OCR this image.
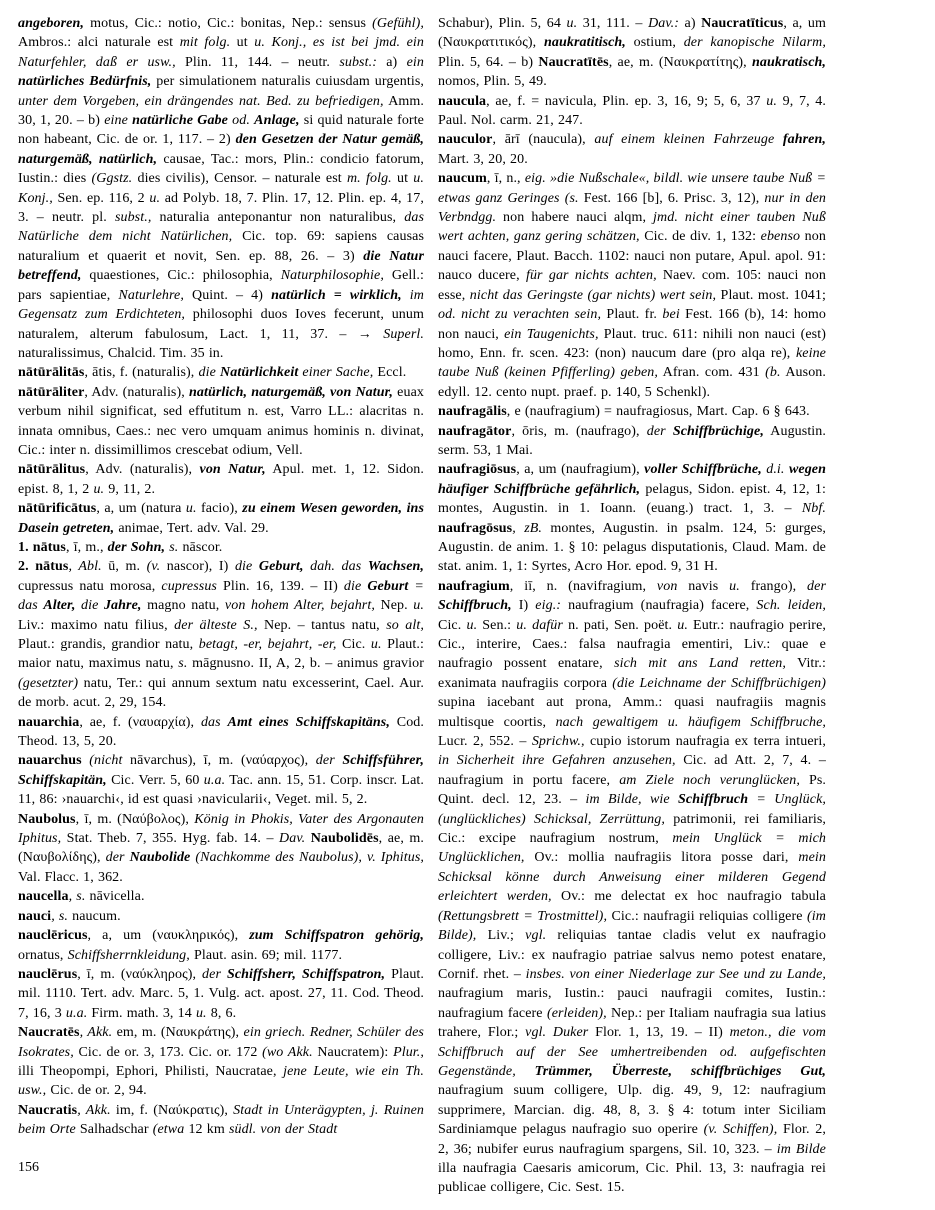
angeboren, motus, Cic.: notio, Cic.: bonitas, Nep.: sensus (Gefühl), Ambros.: alci naturale est mit folg. ut u. Konj., es ist bei jmd. ein Naturfehler, daß er usw., Plin. 11, 144. – neutr. subst.: a) ein natürliches Bedürfnis, per simulationem naturalis cuiusdam urgentis, unter dem Vorgeben, ein drängendes nat. Bed. zu befriedigen, Amm. 30, 1, 20. – b) eine natürliche Gabe od. Anlage, si quid naturale forte non habeant, Cic. de or. 1, 117. – 2) den Gesetzen der Natur gemäß, naturgemäß, natürlich, causae, Tac.: mors, Plin.: condicio fatorum, Iustin.: dies (Ggstz. dies civilis), Censor. – naturale est m. folg. ut u. Konj., Sen. ep. 116, 2 u. ad Polyb. 18, 7. Plin. 17, 12. Plin. ep. 4, 17, 3. – neutr. pl. subst., naturalia anteponantur non naturalibus, das Natürliche dem nicht Natürlichen, Cic. top. 69: sapiens causas naturalium et quaerit et novit, Sen. ep. 88, 26. – 3) die Natur betreffend, quaestiones, Cic.: philosophia, Naturphilosophie, Gell.: pars sapientiae, Naturlehre, Quint. – 4) natürlich = wirklich, im Gegensatz zum Erdichteten, philosophi duos Ioves fecerunt, unum naturalem, alterum fabulosum, Lact. 1, 11, 37. – → Superl. naturalissimus, Chalcid. Tim. 35 in.

nātūrālitās, ātis, f. (naturalis), die Natürlichkeit einer Sache, Eccl.

nātūrāliter, Adv. (naturalis), natürlich, naturgemäß, von Natur, euax verbum nihil significat, sed effutitum n. est, Varro LL.: alacritas n. innata omnibus, Caes.: nec vero umquam animus hominis n. divinat, Cic.: inter n. dissimillimos crescebat odium, Vell.

nātūrālitus, Adv. (naturalis), von Natur, Apul. met. 1, 12. Sidon. epist. 8, 1, 2 u. 9, 11, 2.

nātūrificātus, a, um (natura u. facio), zu einem Wesen geworden, ins Dasein getreten, animae, Tert. adv. Val. 29.

1. nātus, ī, m., der Sohn, s. nāscor.

2. nātus, Abl. ū, m. (v. nascor), I) die Geburt, dah. das Wachsen, cupressus natu morosa, cupressus Plin. 16, 139. – II) die Geburt = das Alter, die Jahre, magno natu, von hohem Alter, bejahrt, Nep. u. Liv.: maximo natu filius, der älteste S., Nep. – tantus natu, so alt, Plaut.: grandis, grandior natu, betagt, -er, bejahrt, -er, Cic. u. Plaut.: maior natu, maximus natu, s. māgnusno. II, A, 2, b. – animus gravior (gesetzter) natu, Ter.: qui annum sextum natu excesserint, Cael. Aur. de morb. acut. 2, 29, 154.

nauarchia, ae, f. (ναυαρχία), das Amt eines Schiffskapitäns, Cod. Theod. 13, 5, 20.

nauarchus (nicht nāvarchus), ī, m. (ναύαρχος), der Schiffsführer, Schiffskapitän, Cic. Verr. 5, 60 u.a. Tac. ann. 15, 51. Corp. inscr. Lat. 11, 86: ›nauarchi‹, id est quasi ›navicularii‹, Veget. mil. 5, 2.

Naubolus, ī, m. (Ναύβολος), König in Phokis, Vater des Argonauten Iphitus, Stat. Theb. 7, 355. Hyg. fab. 14. – Dav. Naubolidēs, ae, m. (Ναυβολίδης), der Naubolide (Nachkomme des Naubolus), v. Iphitus, Val. Flacc. 1, 362.

naucella, s. nāvicella.

nauci, s. naucum.

nauclēricus, a, um (ναυκληρικός), zum Schiffspatron gehörig, ornatus, Schiffsherrnkleidung, Plaut. asin. 69; mil. 1177.

nauclērus, ī, m. (ναύκληρος), der Schiffsherr, Schiffspatron, Plaut. mil. 1110. Tert. adv. Marc. 5, 1. Vulg. act. apost. 27, 11. Cod. Theod. 7, 16, 3 u.a. Firm. math. 3, 14 u. 8, 6.

Naucratēs, Akk. em, m. (Ναυκράτης), ein griech. Redner, Schüler des Isokrates, Cic. de or. 3, 173. Cic. or. 172 (wo Akk. Naucratem): Plur., illi Theopompi, Ephori, Philisti, Naucratae, jene Leute, wie ein Th. usw., Cic. de or. 2, 94.

Naucratis, Akk. im, f. (Ναύκρατις), Stadt in Unterägypten, j. Ruinen beim Orte Salhadschar (etwa 12 km südl. von der Stadt

Schabur), Plin. 5, 64 u. 31, 111. – Dav.: a) Naucratīticus, a, um (Ναυκρατιτικός), naukratitisch, ostium, der kanopische Nilarm, Plin. 5, 64. – b) Naucratītēs, ae, m. (Ναυκρατίτης), naukratisch, nomos, Plin. 5, 49.

naucula, ae, f. = navicula, Plin. ep. 3, 16, 9; 5, 6, 37 u. 9, 7, 4. Paul. Nol. carm. 21, 247.

nauculor, ārī (naucula), auf einem kleinen Fahrzeuge fahren, Mart. 3, 20, 20.

naucum, ī, n., eig. »die Nußschale«, bildl. wie unsere taube Nuß = etwas ganz Geringes (s. Fest. 166 [b], 6. Prisc. 3, 12), nur in den Verbndgg. non habere nauci alqm, jmd. nicht einer tauben Nuß wert achten, ganz gering schätzen, Cic. de div. 1, 132: ebenso non nauci facere, Plaut. Bacch. 1102: nauci non putare, Apul. apol. 91: nauco ducere, für gar nichts achten, Naev. com. 105: nauci non esse, nicht das Geringste (gar nichts) wert sein, Plaut. most. 1041; od. nicht zu verachten sein, Plaut. fr. bei Fest. 166 (b), 14: homo non nauci, ein Taugenichts, Plaut. truc. 611: nihili non nauci (est) homo, Enn. fr. scen. 423: (non) naucum dare (pro alqa re), keine taube Nuß (keinen Pfifferling) geben, Afran. com. 431 (b. Auson. edyll. 12. cento nupt. praef. p. 140, 5 Schenkl).

naufragālis, e (naufragium) = naufragiosus, Mart. Cap. 6 § 643.

naufragātor, ōris, m. (naufrago), der Schiffbrüchige, Augustin. serm. 53, 1 Mai.

naufragiōsus, a, um (naufragium), voller Schiffbrüche, d.i. wegen häufiger Schiffbrüche gefährlich, pelagus, Sidon. epist. 4, 12, 1: montes, Augustin. in 1. Ioann. (euang.) tract. 1, 3. – Nbf. naufragōsus, zB. montes, Augustin. in psalm. 124, 5: gurges, Augustin. de anim. 1. § 10: pelagus disputationis, Claud. Mam. de stat. anim. 1, 1: Syrtes, Acro Hor. epod. 9, 31 H.

naufragium, iī, n. (navifragium, von navis u. frango), der Schiffbruch, I) eig.: naufragium (naufragia) facere, Sch. leiden, Cic. u. Sen.: u. dafür n. pati, Sen. poët. u. Eutr.: naufragio perire, Cic., interire, Caes.: falsa naufragia ementiri, Liv.: quae e naufragio possent enatare, sich mit ans Land retten, Vitr.: exanimata naufragiis corpora (die Leichname der Schiffbrüchigen) supina iacebant aut prona, Amm.: quasi naufragiis magnis multisque coortis, nach gewaltigem u. häufigem Schiffbruche, Lucr. 2, 552. – Sprichw., cupio istorum naufragia ex terra intueri, in Sicherheit ihre Gefahren anzusehen, Cic. ad Att. 2, 7, 4. – naufragium in portu facere, am Ziele noch verunglücken, Ps. Quint. decl. 12, 23. – im Bilde, wie Schiffbruch = Unglück, (unglückliches) Schicksal, Zerrüttung, patrimonii, rei familiaris, Cic.: excipe naufragium nostrum, mein Unglück = mich Unglücklichen, Ov.: mollia naufragiis litora posse dari, mein Schicksal könne durch Anweisung einer milderen Gegend erleichtert werden, Ov.: me delectat ex hoc naufragio tabula (Rettungsbrett = Trostmittel), Cic.: naufragii reliquias colligere (im Bilde), Liv.; vgl. reliquias tantae cladis velut ex naufragio colligere, Liv.: ex naufragio patriae salvus nemo potest enatare, Cornif. rhet. – insbes. von einer Niederlage zur See und zu Lande, naufragium maris, Iustin.: pauci naufragii comites, Iustin.: naufragium facere (erleiden), Nep.: per Italiam naufragia sua latius trahere, Flor.; vgl. Duker Flor. 1, 13, 19. – II) meton., die vom Schiffbruch auf der See umhertreibenden od. aufgefischten Gegenstände, Trümmer, Überreste, schiffbrüchiges Gut, naufragium suum colligere, Ulp. dig. 49, 9, 12: naufragium supprimere, Marcian. dig. 48, 8, 3. § 4: totum inter Siciliam Sardiniamque pelagus naufragio suo operire (v. Schiffen), Flor. 2, 2, 36; nubifer eurus naufragium spargens, Sil. 10, 323. – im Bilde illa naufragia Caesaris amicorum, Cic. Phil. 13, 3: naufragia rei publicae colligere, Cic. Sest. 15.

156
